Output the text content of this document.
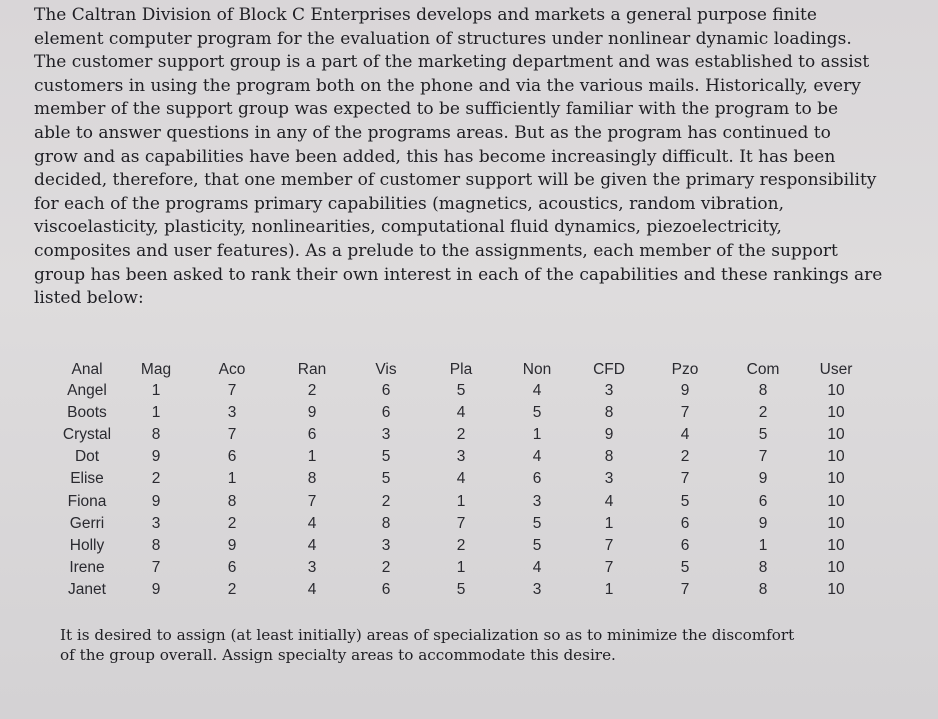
The Caltran Division of Block C Enterprises develops and markets a general purpose finite
element computer program for the evaluation of structures under nonlinear dynamic loadings.
The customer support group is a part of the marketing department and was established to assist
customers in using the program both on the phone and via the various mails. Historically, every
member of the support group was expected to be sufficiently familiar with the program to be
able to answer questions in any of the programs areas. But as the program has continued to
grow and as capabilities have been added, this has become increasingly difficult. It has been
decided, therefore, that one member of customer support will be given the primary responsibility
for each of the programs primary capabilities (magnetics, acoustics, random vibration,
viscoelasticity, plasticity, nonlinearities, computational fluid dynamics, piezoelectricity,
composites and user features). As a prelude to the assignments, each member of the support
group has been asked to rank their own interest in each of the capabilities and these rankings are
listed below:
Anal	Mag	Aco	Ran	Vis	Pla	Non	CFD	Pzo	Com	User
Angel	1	7	2	6	5	4	3	9	8	10
Boots	1	3	9	6	4	5	8	7	2	10
Crystal	8	7	6	3	2	1	9	4	5	10
Dot	9	6	1	5	3	4	8	2	7	10
Elise	2	1	8	5	4	6	3	7	9	10
Fiona	9	8	7	2	1	3	4	5	6	10
Gerri	3	2	4	8	7	5	1	6	9	10
Holly	8	9	4	3	2	5	7	6	1	10
Irene	7	6	3	2	1	4	7	5	8	10
Janet	9	2	4	6	5	3	1	7	8	10
It is desired to assign (at least initially) areas of specialization so as to minimize the discomfort
of the group overall. Assign specialty areas to accommodate this desire.
